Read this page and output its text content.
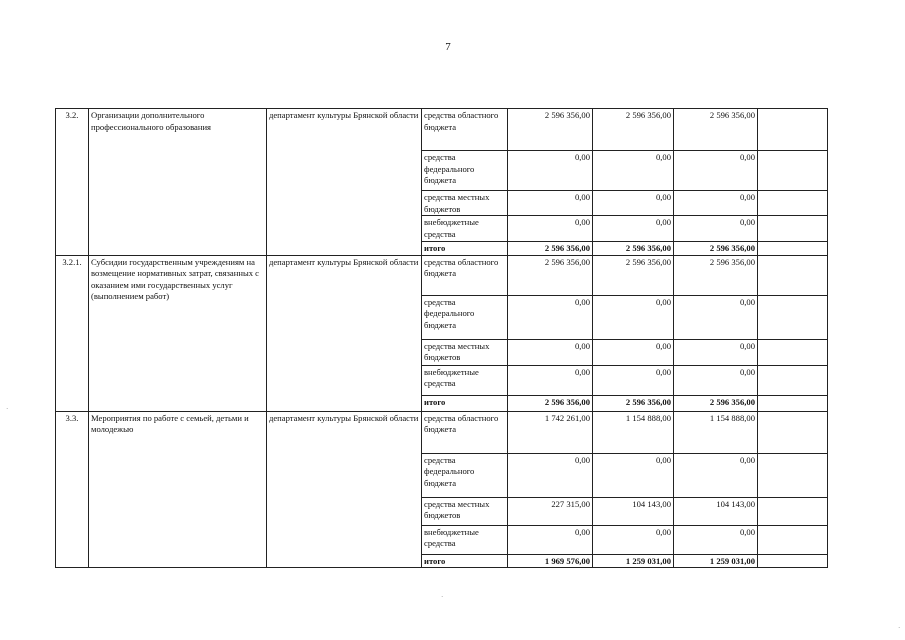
7
3.2.	Организации дополнительного профессионального образования	департамент культуры Брянской области	средства областного бюджета	2 596 356,00	2 596 356,00	2 596 356,00	
			средства федерального бюджета	0,00	0,00	0,00	
			средства местных бюджетов	0,00	0,00	0,00	
			внебюджетные средства	0,00	0,00	0,00	
			итого	2 596 356,00	2 596 356,00	2 596 356,00	
3.2.1.	Субсидии государственным учреждениям на возмещение нормативных затрат, связанных с оказанием ими государственных услуг (выполнением работ)	департамент культуры Брянской области	средства областного бюджета	2 596 356,00	2 596 356,00	2 596 356,00	
			средства федерального бюджета	0,00	0,00	0,00	
			средства местных бюджетов	0,00	0,00	0,00	
			внебюджетные средства	0,00	0,00	0,00	
			итого	2 596 356,00	2 596 356,00	2 596 356,00	
3.3.	Мероприятия по работе с семьей, детьми и молодежью	департамент культуры Брянской области	средства областного бюджета	1 742 261,00	1 154 888,00	1 154 888,00	
			средства федерального бюджета	0,00	0,00	0,00	
			средства местных бюджетов	227 315,00	104 143,00	104 143,00	
			внебюджетные средства	0,00	0,00	0,00	
			итого	1 969 576,00	1 259 031,00	1 259 031,00	
·
·
·
